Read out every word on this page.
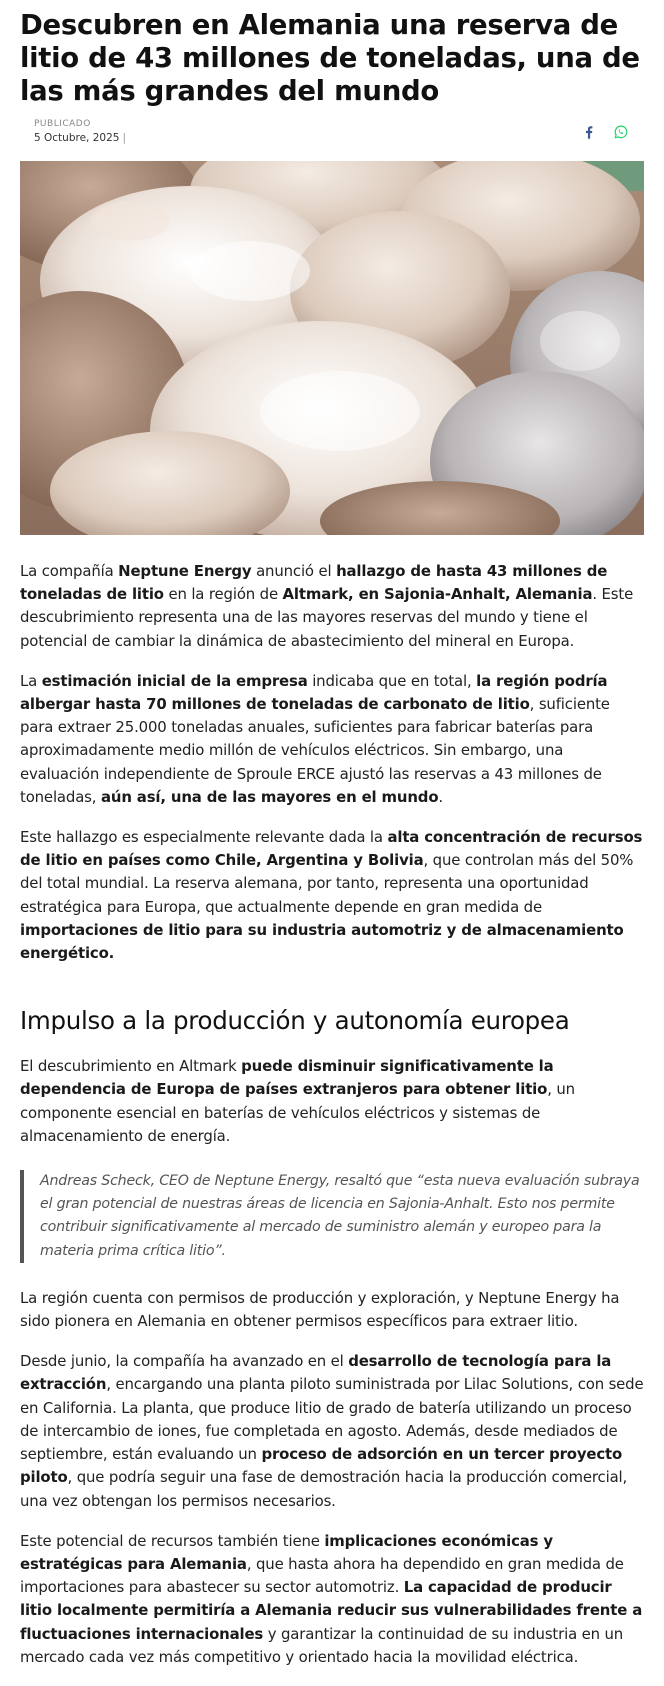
Descubren en Alemania una reserva de litio de 43 millones de toneladas, una de las más grandes del mundo
PUBLICADO
5 Octubre, 2025 |

La compañía Neptune Energy anunció el hallazgo de hasta 43 millones de toneladas de litio en la región de Altmark, en Sajonia-Anhalt, Alemania. Este descubrimiento representa una de las mayores reservas del mundo y tiene el potencial de cambiar la dinámica de abastecimiento del mineral en Europa.

La estimación inicial de la empresa indicaba que en total, la región podría albergar hasta 70 millones de toneladas de carbonato de litio, suficiente para extraer 25.000 toneladas anuales, suficientes para fabricar baterías para aproximadamente medio millón de vehículos eléctricos. Sin embargo, una evaluación independiente de Sproule ERCE ajustó las reservas a 43 millones de toneladas, aún así, una de las mayores en el mundo.

Este hallazgo es especialmente relevante dada la alta concentración de recursos de litio en países como Chile, Argentina y Bolivia, que controlan más del 50% del total mundial. La reserva alemana, por tanto, representa una oportunidad estratégica para Europa, que actualmente depende en gran medida de importaciones de litio para su industria automotriz y de almacenamiento energético.

Impulso a la producción y autonomía europea

El descubrimiento en Altmark puede disminuir significativamente la dependencia de Europa de países extranjeros para obtener litio, un componente esencial en baterías de vehículos eléctricos y sistemas de almacenamiento de energía.

Andreas Scheck, CEO de Neptune Energy, resaltó que “esta nueva evaluación subraya el gran potencial de nuestras áreas de licencia en Sajonia-Anhalt. Esto nos permite contribuir significativamente al mercado de suministro alemán y europeo para la materia prima crítica litio”.

La región cuenta con permisos de producción y exploración, y Neptune Energy ha sido pionera en Alemania en obtener permisos específicos para extraer litio.

Desde junio, la compañía ha avanzado en el desarrollo de tecnología para la extracción, encargando una planta piloto suministrada por Lilac Solutions, con sede en California. La planta, que produce litio de grado de batería utilizando un proceso de intercambio de iones, fue completada en agosto. Además, desde mediados de septiembre, están evaluando un proceso de adsorción en un tercer proyecto piloto, que podría seguir una fase de demostración hacia la producción comercial, una vez obtengan los permisos necesarios.

Este potencial de recursos también tiene implicaciones económicas y estratégicas para Alemania, que hasta ahora ha dependido en gran medida de importaciones para abastecer su sector automotriz. La capacidad de producir litio localmente permitiría a Alemania reducir sus vulnerabilidades frente a fluctuaciones internacionales y garantizar la continuidad de su industria en un mercado cada vez más competitivo y orientado hacia la movilidad eléctrica.
